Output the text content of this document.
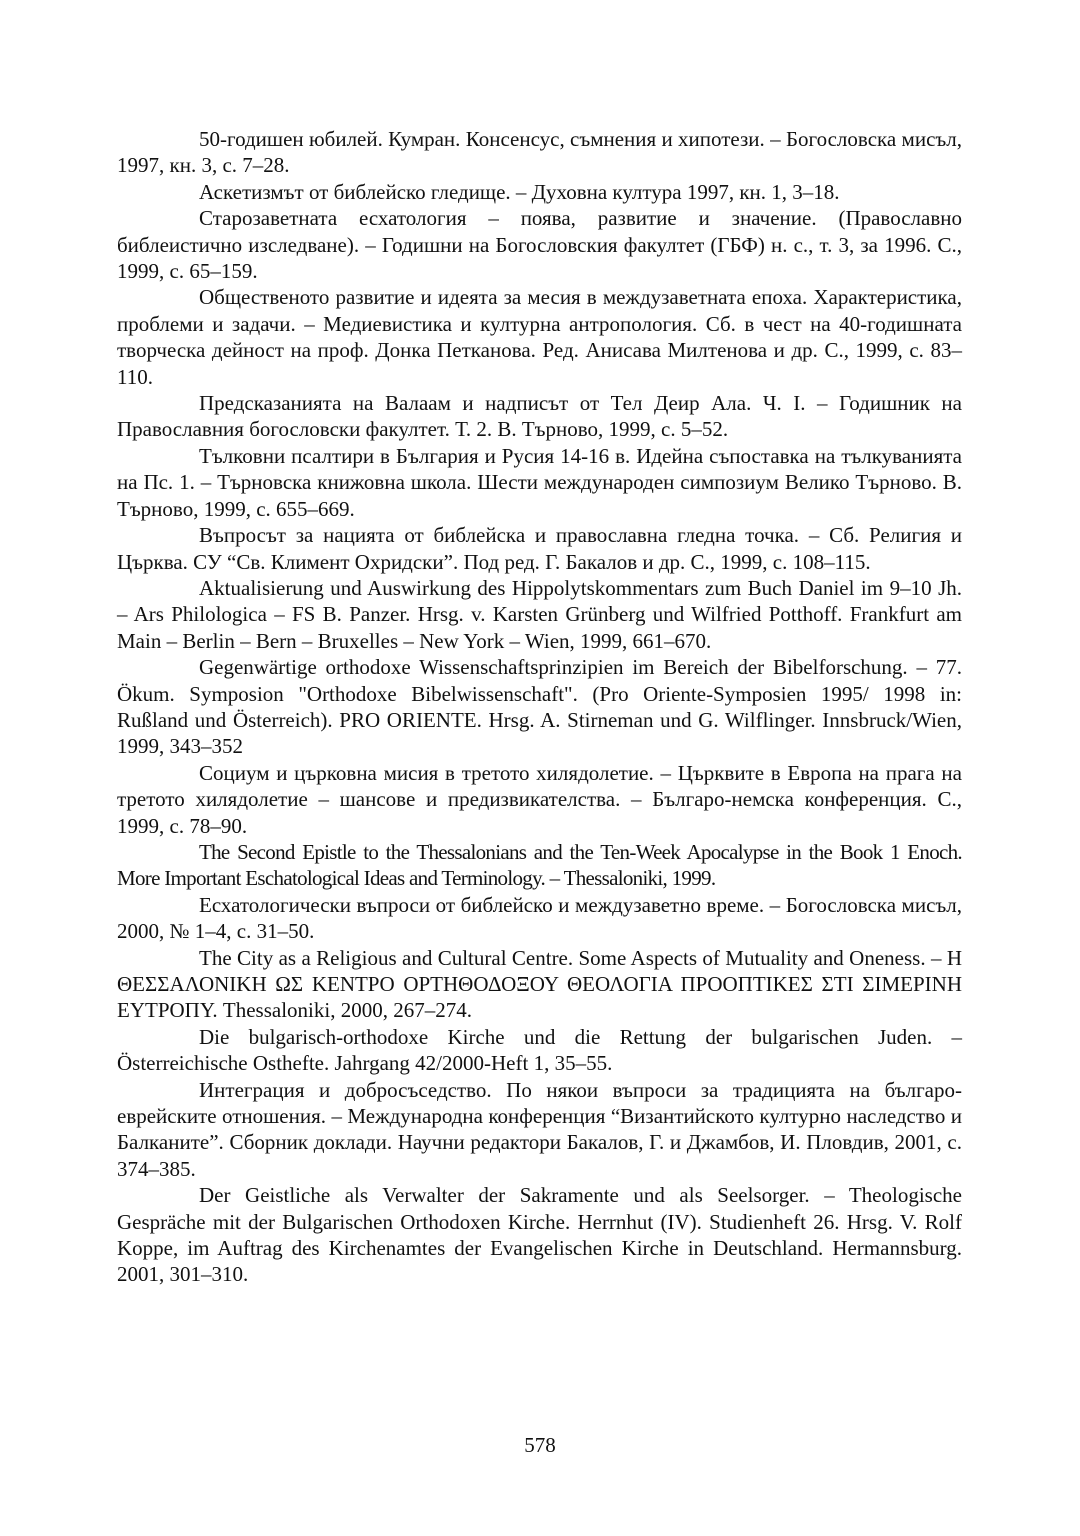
50-годишен юбилей. Кумран. Консенсус, съмнения и хипотези. – Богословска мисъл, 1997, кн. 3, с. 7–28.

Аскетизмът от библейско гледище. – Духовна култура 1997, кн. 1, 3–18.

Старозаветната есхатология – поява, развитие и значение. (Православно библеистично изследване). – Годишни на Богословския факултет (ГБФ) н. с., т. 3, за 1996. С., 1999, с. 65–159.

Общественото развитие и идеята за месия в междузаветната епоха. Характеристика, проблеми и задачи. – Медиевистика и културна антропология. Сб. в чест на 40-годишната творческа дейност на проф. Донка Петканова. Ред. Анисава Милтенова и др. С., 1999, с. 83–110.

Предсказанията на Валаам и надписът от Тел Деир Ала. Ч. І. – Годишник на Православния богословски факултет. Т. 2. В. Търново, 1999, с. 5–52.

Тълковни псалтири в България и Русия 14-16 в. Идейна съпоставка на тълкуванията на Пс. 1. – Търновска книжовна школа. Шести международен симпозиум Велико Търново. В. Търново, 1999, с. 655–669.

Въпросът за нацията от библейска и православна гледна точка. – Сб. Религия и Църква. СУ “Св. Климент Охридски”. Под ред. Г. Бакалов и др. С., 1999, с. 108–115.

Aktualisierung und Auswirkung des Hippolytskommentars zum Buch Daniel im 9–10 Jh. – Ars Philologica – FS B. Panzer. Hrsg. v. Karsten Grünberg und Wilfried Potthoff. Frankfurt am Main – Berlin – Bern – Bruxelles – New York – Wien, 1999, 661–670.

Gegenwärtige orthodoxe Wissenschaftsprinzipien im Bereich der Bibelforschung. – 77. Ökum. Symposion "Orthodoxe Bibelwissenschaft". (Pro Oriente-Symposien 1995/ 1998 in: Rußland und Österreich). PRO ORIENTE. Hrsg. A. Stirneman und G. Wilflinger. Innsbruck/Wien, 1999, 343–352

Социум и църковна мисия в третото хилядолетие. – Църквите в Европа на прага на третото хилядолетие – шансове и предизвикателства. – Българо-немска конференция. С., 1999, с. 78–90.

The Second Epistle to the Thessalonians and the Ten-Week Apocalypse in the Book 1 Enoch. More Important Eschatological Ideas and Terminology. – Thessaloniki, 1999.

Есхатологически въпроси от библейско и междузаветно време. – Богословска мисъл, 2000, № 1–4, с. 31–50.

The City as a Religious and Cultural Centre. Some Aspects of Mutuality and Oneness. – Η ΘΕΣΣΑΛΟΝΙΚΗ ΩΣ ΚΕΝΤΡΟ ΟΡΤΗΘΟΔΟΞΟΥ ΘΕΟΛΟΓΙΑ ΠΡΟΟΠΤΙΚΕΣ ΣΤΙ ΣΙΜΕΡΙΝΗ ΕΥΤΡΟΠΥ. Thessaloniki, 2000, 267–274.

Die bulgarisch-orthodoxe Kirche und die Rettung der bulgarischen Juden. – Österreichische Osthefte. Jahrgang 42/2000-Heft 1, 35–55.

Интеграция и добросъседство. По някои въпроси за традицията на българо-еврейските отношения. – Международна конференция “Византийското културно наследство и Балканите”. Сборник доклади. Научни редактори Бакалов, Г. и Джамбов, И. Пловдив, 2001, с. 374–385.

Der Geistliche als Verwalter der Sakramente und als Seelsorger. – Theologische Gespräche mit der Bulgarischen Orthodoxen Kirche. Herrnhut (IV). Studienheft 26. Hrsg. V. Rolf Koppe, im Auftrag des Kirchenamtes der Evangelischen Kirche in Deutschland. Hermannsburg. 2001, 301–310.

578
